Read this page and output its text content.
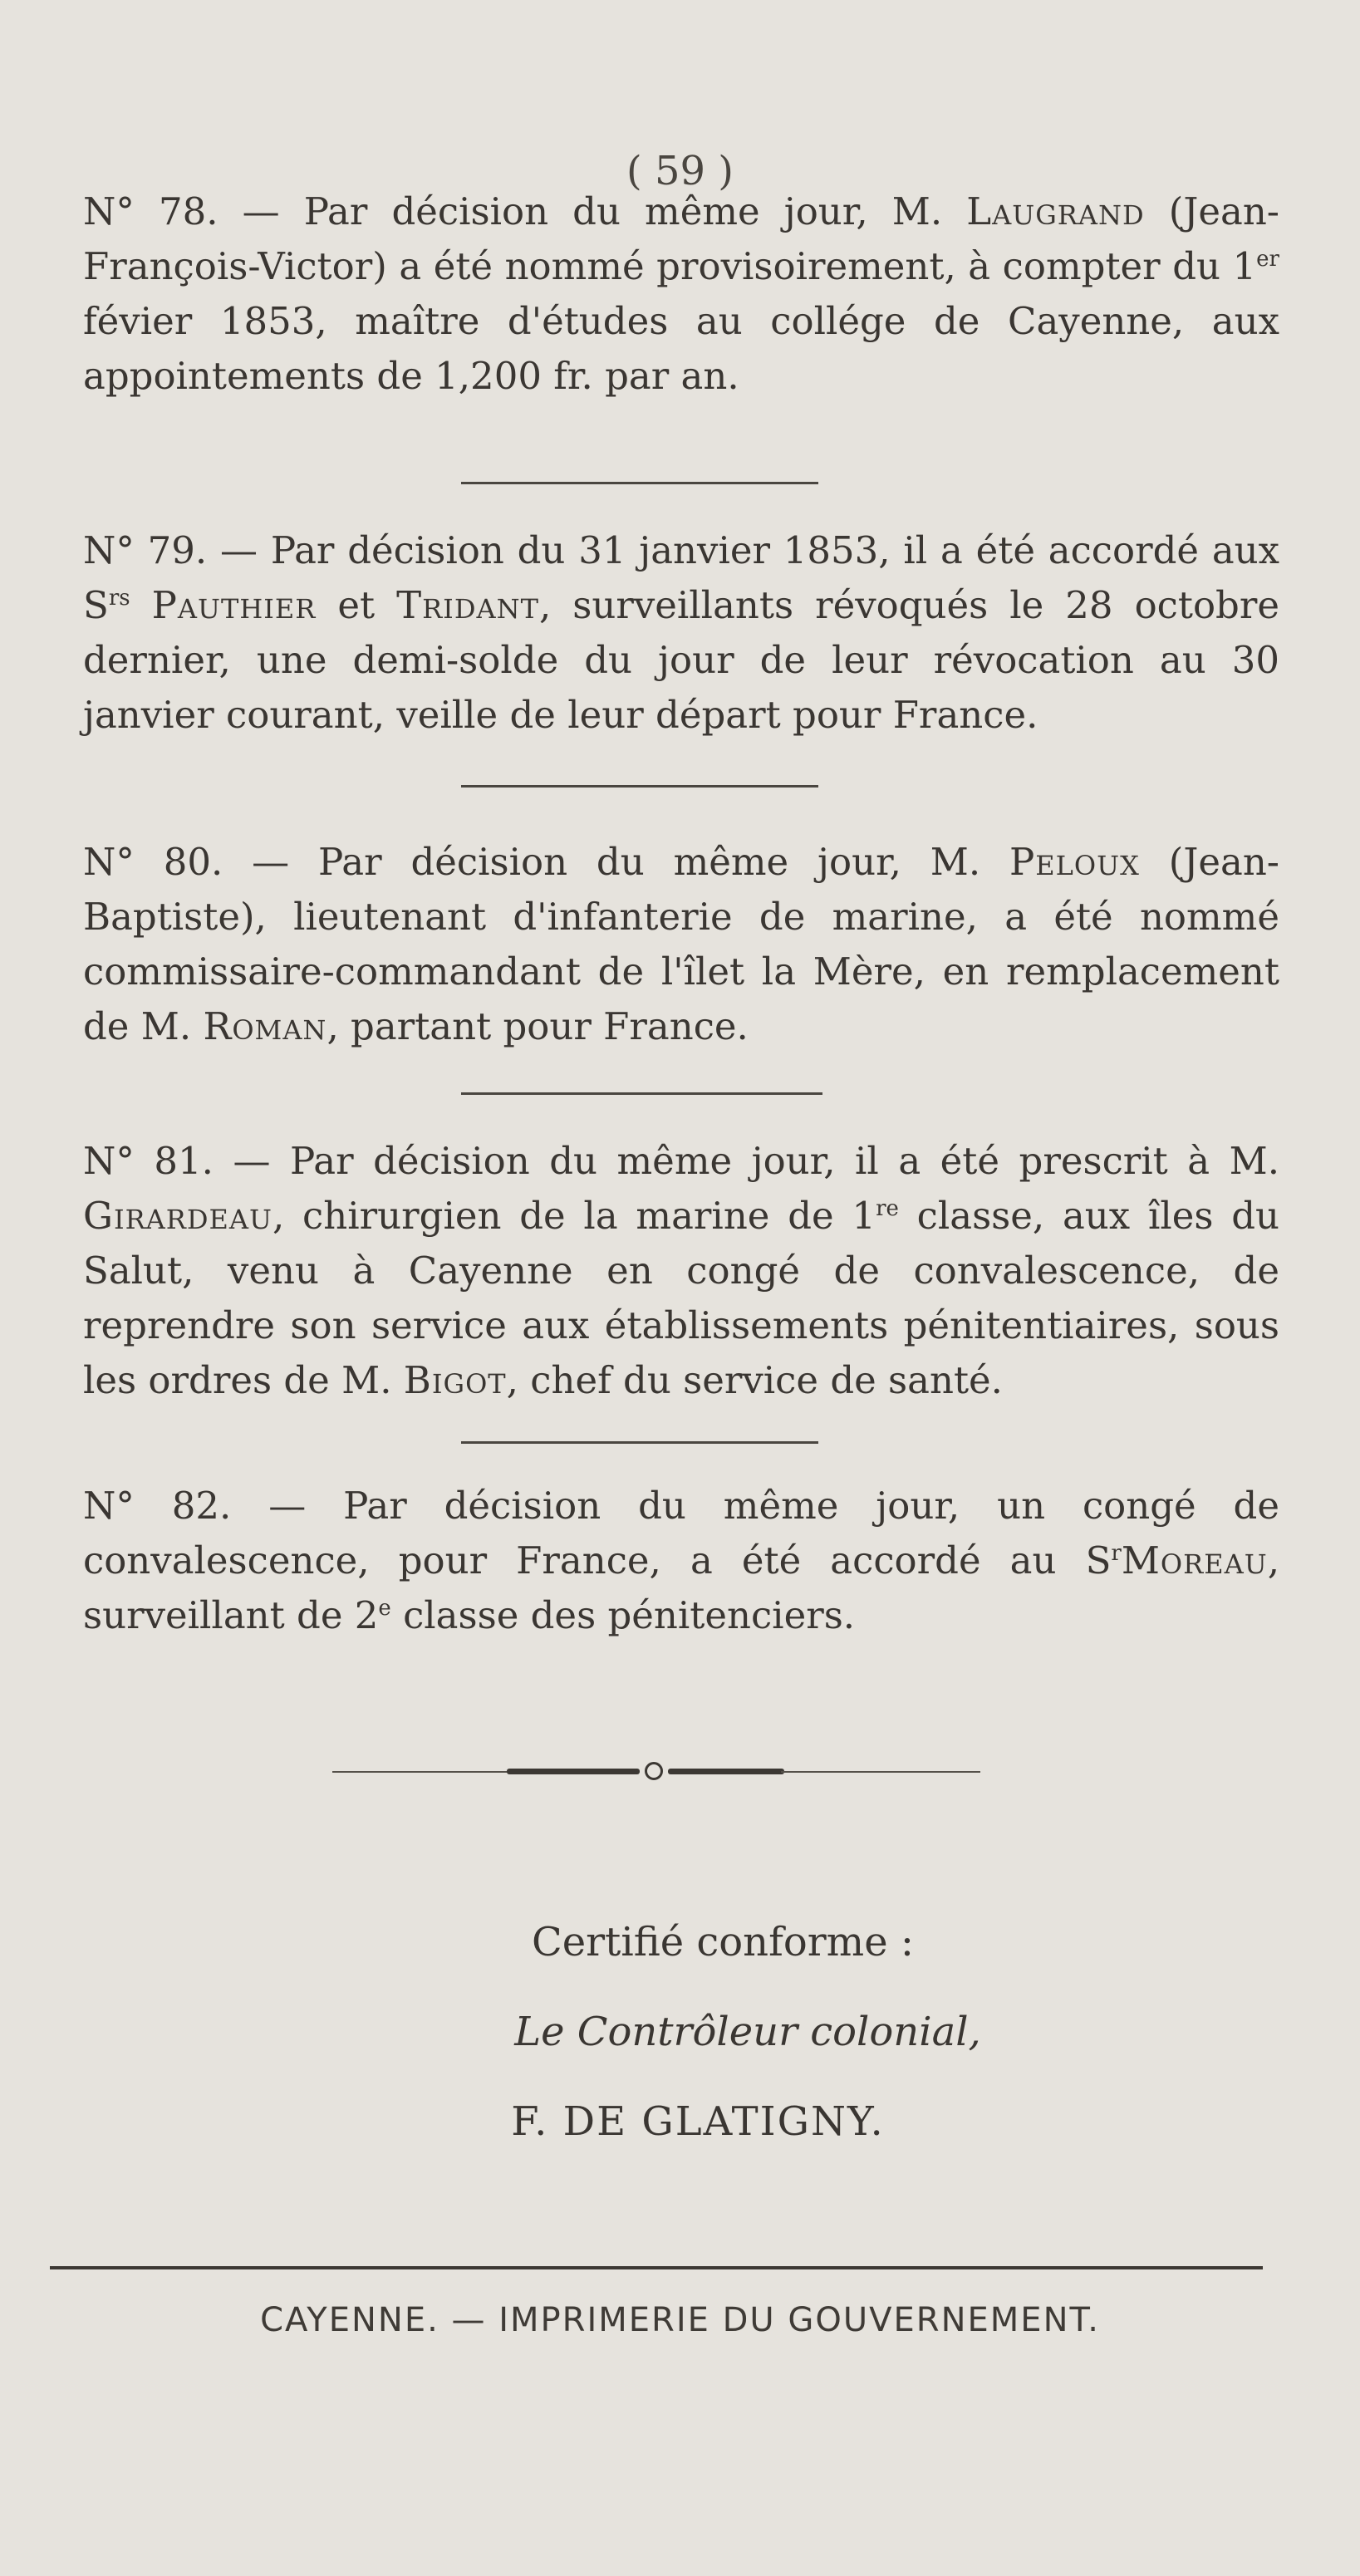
( 59 )

N° 78. — Par décision du même jour, M. Laugrand (Jean-François-Victor) a été nommé provisoirement, à compter du 1er févier 1853, maître d'études au collége de Cayenne, aux appointements de 1,200 fr. par an.

N° 79. — Par décision du 31 janvier 1853, il a été accordé aux $S^{rs}$ Pauthier et Tridant, surveillants révoqués le 28 octobre dernier, une demi-solde du jour de leur révocation au 30 janvier courant, veille de leur départ pour France.

N° 80. — Par décision du même jour, M. Peloux (Jean-Baptiste), lieutenant d'infanterie de marine, a été nommé commissaire-commandant de l'îlet la Mère, en remplacement de M. Roman, partant pour France.

N° 81. — Par décision du même jour, il a été prescrit à M. Girardeau, chirurgien de la marine de 1re classe, aux îles du Salut, venu à Cayenne en congé de convalescence, de reprendre son service aux établissements pénitentiaires, sous les ordres de M. Bigot, chef du service de santé.

N° 82. — Par décision du même jour, un congé de convalescence, pour France, a été accordé au $S^rMoreau$, surveillant de 2e classe des pénitenciers.

Certifié conforme :
Le Contrôleur colonial,
F. DE GLATIGNY.
CAYENNE. — IMPRIMERIE DU GOUVERNEMENT.
